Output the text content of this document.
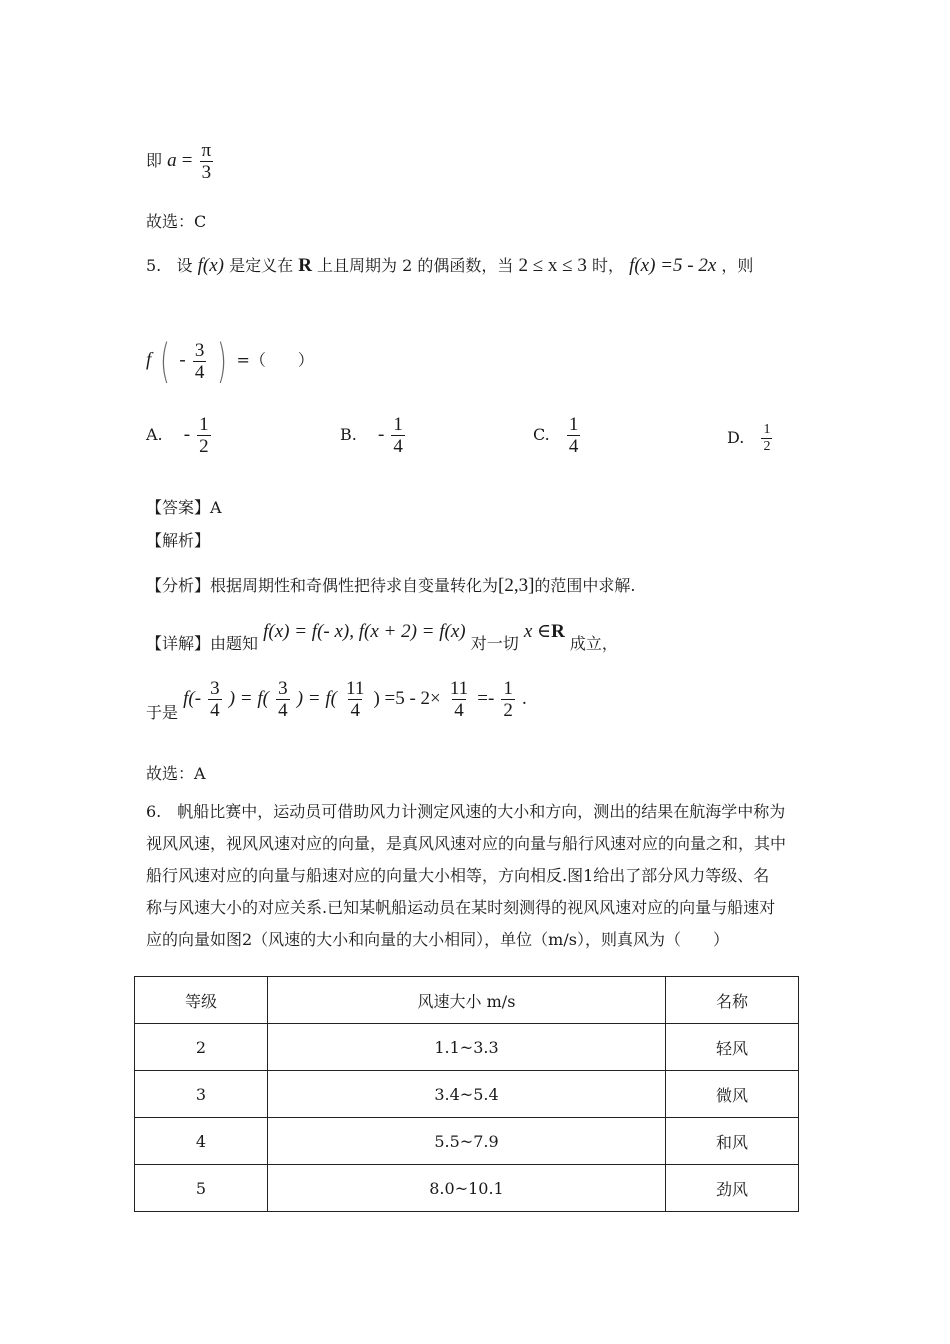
即 $a = \frac{\pi}{3}$
故选：C
5. 设 f(x) 是定义在 R 上且周期为 2 的偶函数，当 2 ≤ x ≤ 3 时， f(x) =5 - 2x ，则
f ( - $\frac{3}{4}$ ) =（　　）
A. - $\frac{1}{2}$	B. - $\frac{1}{4}$	C. $\frac{1}{4}$	D. $\frac{1}{2}$
【答案】A
【解析】
【分析】根据周期性和奇偶性把待求自变量转化为[2,3]的范围中求解.
【详解】由题知 f(x) = f(- x), f(x + 2) = f(x) 对一切 x ∈R 成立，
于是 $f(- \frac{3}{4}$ ) = $f( \frac{3}{4}$ ) = $f( \frac{11}{4}$ ) $=5 - 2\times \frac{11}{4} =- \frac{1}{2}$ .
故选：A
6.　帆船比赛中，运动员可借助风力计测定风速的大小和方向，测出的结果在航海学中称为
视风风速，视风风速对应的向量，是真风风速对应的向量与船行风速对应的向量之和，其中
船行风速对应的向量与船速对应的向量大小相等，方向相反.图1给出了部分风力等级、名
称与风速大小的对应关系.已知某帆船运动员在某时刻测得的视风风速对应的向量与船速对
应的向量如图2（风速的大小和向量的大小相同），单位（m/s），则真风为（　　）
等级	风速大小 m/s	名称
2	1.1~3.3	轻风
3	3.4~5.4	微风
4	5.5~7.9	和风
5	8.0~10.1	劲风
